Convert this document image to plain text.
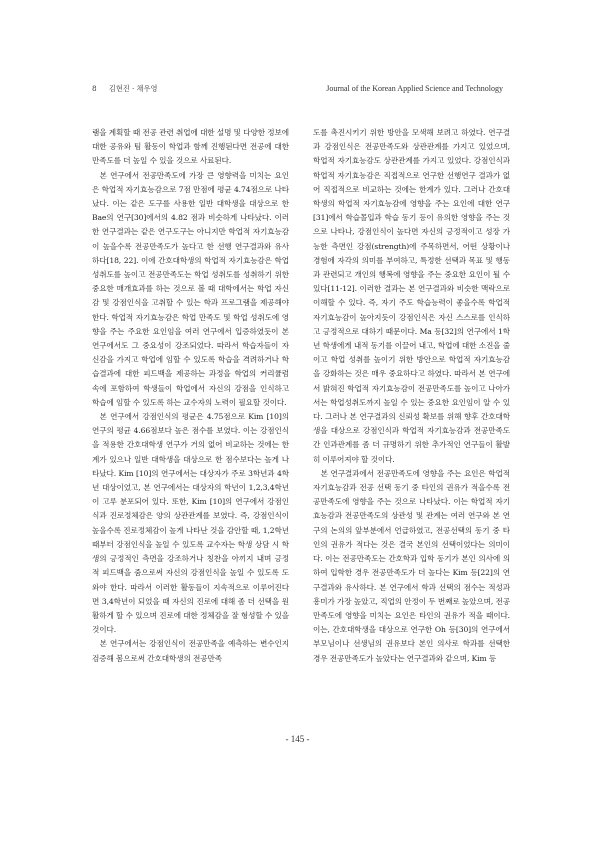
8 김현진 · 채우영	Journal of the Korean Applied Science and Technology

램을 계획할 때 전공 관련 취업에 대한 설명 및 다양한 정보에 대한 공유와 팀 활동이 학업과 함께 진행된다면 전공에 대한 만족도를 더 높일 수 있을 것으로 사료된다.

본 연구에서 전공만족도에 가장 큰 영향력을 미치는 요인은 학업적 자기효능감으로 7점 만점에 평균 4.74점으로 나타났다. 이는 같은 도구를 사용한 일반 대학생을 대상으로 한 Bae의 연구[30]에서의 4.82 점과 비슷하게 나타났다. 이러한 연구결과는 같은 연구도구는 아니지만 학업적 자기효능감이 높을수록 전공만족도가 높다고 한 선행 연구결과와 유사하다[18, 22]. 이에 간호대학생의 학업적 자기효능감은 학업 성취도를 높이고 전공만족도는 학업 성취도를 성취하기 위한 중요한 매개효과를 하는 것으로 볼 때 대학에서는 학업 자신감 및 강점인식을 고취할 수 있는 학과 프로그램을 제공해야 한다. 학업적 자기효능감은 학업 만족도 및 학업 성취도에 영향을 주는 주요한 요인임을 여러 연구에서 입증하였듯이 본 연구에서도 그 중요성이 강조되었다. 따라서 학습자들이 자신감을 가지고 학업에 임할 수 있도록 학습을 격려하거나 학습결과에 대한 피드백을 제공하는 과정을 학업의 커리큘럼 속에 포함하여 학생들이 학업에서 자신의 강점을 인식하고 학습에 임할 수 있도록 하는 교수자의 노력이 필요할 것이다.

본 연구에서 강점인식의 평균은 4.75점으로 Kim [10]의 연구의 평균 4.66점보다 높은 점수를 보였다. 이는 강점인식을 적용한 간호대학생 연구가 거의 없어 비교하는 것에는 한계가 있으나 일반 대학생을 대상으로 한 점수보다는 높게 나타났다. Kim [10]의 연구에서는 대상자가 주로 3학년과 4학년 대상이었고, 본 연구에서는 대상자의 학년이 1,2,3,4학년이 고루 분포되어 있다. 또한, Kim [10]의 연구에서 강점인식과 진로정체감은 양의 상관관계를 보였다. 즉, 강점인식이 높을수록 진로정체감이 높게 나타난 것을 감안할 때, 1,2학년 때부터 강점인식을 높일 수 있도록 교수자는 학생 상담 시 학생의 긍정적인 측면을 강조하거나 칭찬을 아끼지 내며 긍정적 피드백을 줌으로써 자신의 강점인식을 높일 수 있도록 도와야 한다. 따라서 이러한 활동들이 지속적으로 이루어진다면 3,4학년이 되었을 때 자신의 진로에 대해 좀 더 선택을 원활하게 할 수 있으며 진로에 대한 정체감을 잘 형성할 수 있을 것이다.

본 연구에서는 강점인식이 전공만족을 예측하는 변수인지 검증해 봄으로써 간호대학생의 전공만족

도를 촉진시키기 위한 방안을 모색해 보려고 하였다. 연구결과 강점인식은 전공만족도와 상관관계를 가지고 있었으며, 학업적 자기효능감도 상관관계를 가지고 있었다. 강점인식과 학업적 자기효능감은 직접적으로 연구한 선행연구 결과가 없어 직접적으로 비교하는 것에는 한계가 있다. 그러나 간호대학생의 학업적 자기효능감에 영향을 주는 요인에 대한 연구[31]에서 학습몰입과 학습 동기 등이 유의한 영향을 주는 것으로 나타나, 강점인식이 높다면 자신의 긍정적이고 성장 가능한 측면인 강점(strength)에 주목하면서, 어떤 상황이나 경험에 자각의 의미를 부여하고, 특정한 선택과 목표 및 행동과 관련되고 개인의 행복에 영향을 주는 중요한 요인이 될 수 있다[11-12]. 이러한 결과는 본 연구결과와 비슷한 맥락으로 이해할 수 있다. 즉, 자기 주도 학습능력이 좋을수록 학업적 자기효능감이 높아지듯이 강점인식은 자신 스스로를 인식하고 긍정적으로 대하기 때문이다. Ma 등[32]의 연구에서 1학년 학생에게 내적 동기를 이끌어 내고, 학업에 대한 소진을 줄이고 학업 성취를 높이기 위한 방안으로 학업적 자기효능감을 강화하는 것은 매우 중요하다고 하였다. 따라서 본 연구에서 밝혀진 학업적 자기효능감이 전공만족도를 높이고 나아가서는 학업성취도까지 높일 수 있는 중요한 요인임이 알 수 있다. 그러나 본 연구결과의 신뢰성 확보를 위해 향후 간호대학생을 대상으로 강점인식과 학업적 자기효능감과 전공만족도 간 인과관계를 좀 더 규명하기 위한 추가적인 연구들이 활발히 이루어져야 할 것이다.

본 연구결과에서 전공만족도에 영향을 주는 요인은 학업적 자기효능감과 전공 선택 동기 중 타인의 권유가 적을수록 전공만족도에 영향을 주는 것으로 나타났다. 이는 학업적 자기효능감과 전공만족도의 상관성 및 관계는 여러 연구와 본 연구의 논의의 앞부분에서 언급하였고, 전공선택의 동기 중 타인의 권유가 적다는 것은 결국 본인의 선택이었다는 의미이다. 이는 전공만족도는 간호학과 입학 동기가 본인 의사에 의하여 입학한 경우 전공만족도가 더 높다는 Kim 등[22]의 연구결과와 유사하다. 본 연구에서 학과 선택의 점수는 적성과 흥미가 가장 높았고, 직업의 안정이 두 번째로 높았으며, 전공만족도에 영향을 미치는 요인은 타인의 권유가 적을 때이다. 이는, 간호대학생을 대상으로 연구한 Oh 등[30]의 연구에서 부모님이나 선생님의 권유보다 본인 의사로 학과를 선택한 경우 전공만족도가 높았다는 연구결과와 같으며, Kim 등

- 145 -
